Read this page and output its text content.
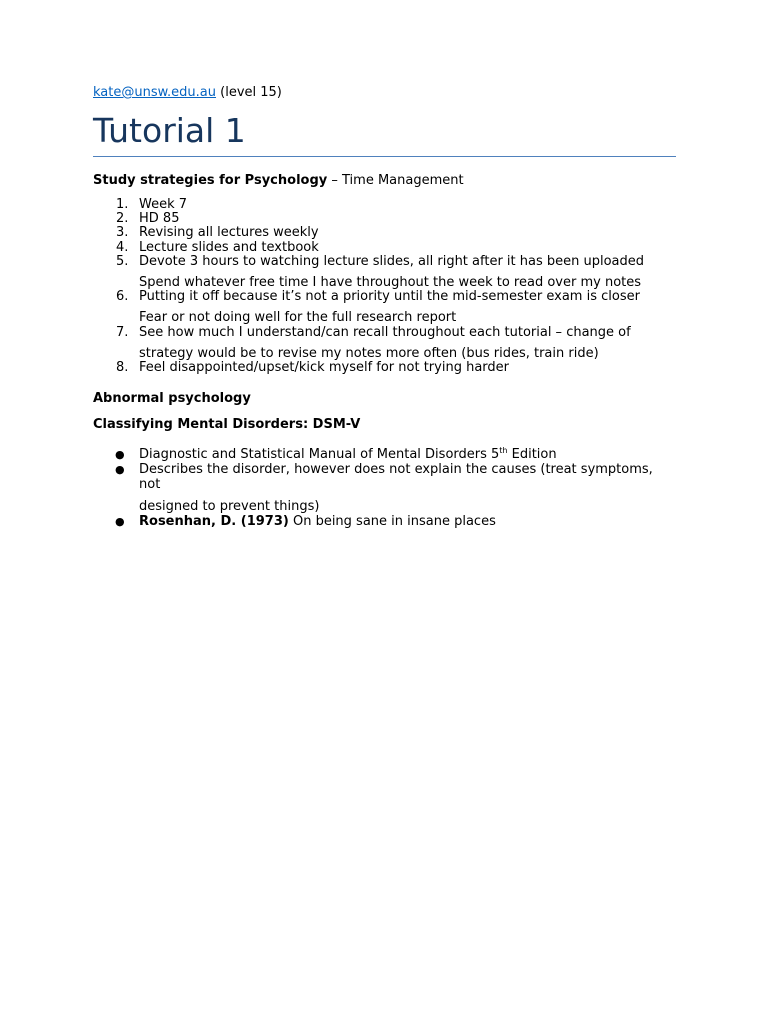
kate@unsw.edu.au (level 15)

Tutorial 1

Study strategies for Psychology – Time Management

1. Week 7
2. HD 85
3. Revising all lectures weekly
4. Lecture slides and textbook
5. Devote 3 hours to watching lecture slides, all right after it has been uploaded
Spend whatever free time I have throughout the week to read over my notes
6. Putting it off because it’s not a priority until the mid-semester exam is closer
Fear or not doing well for the full research report
7. See how much I understand/can recall throughout each tutorial – change of
strategy would be to revise my notes more often (bus rides, train ride)
8. Feel disappointed/upset/kick myself for not trying harder

Abnormal psychology

Classifying Mental Disorders: DSM-V

● Diagnostic and Statistical Manual of Mental Disorders 5th Edition
● Describes the disorder, however does not explain the causes (treat symptoms, not
designed to prevent things)
● Rosenhan, D. (1973) On being sane in insane places
